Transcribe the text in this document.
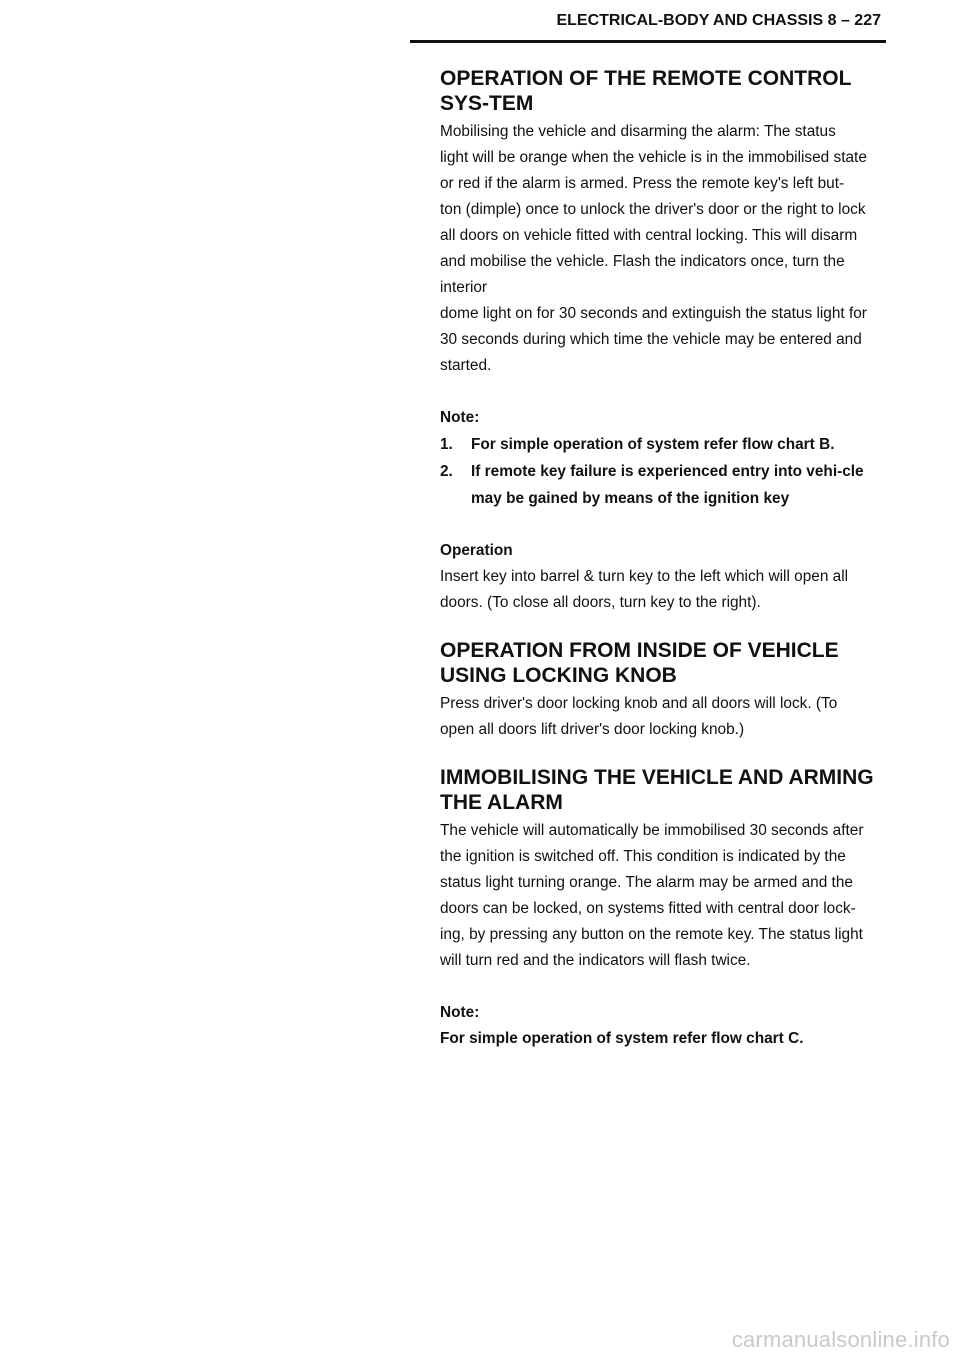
ELECTRICAL-BODY AND CHASSIS 8 – 227
OPERATION OF THE REMOTE CONTROL SYS-TEM

Mobilising the vehicle and disarming the alarm: The status

light will be orange when the vehicle is in the immobilised state

or red if the alarm is armed. Press the remote key's left but-

ton (dimple) once to unlock the driver's door or the right to lock

all doors on vehicle fitted with central locking. This will disarm

and mobilise the vehicle. Flash the indicators once, turn the

interior

dome light on for 30 seconds and extinguish the status light for

30 seconds during which time the vehicle may be entered and

started.

Note:
1. For simple operation of system refer flow chart B.
2. If remote key failure is experienced entry into vehi-cle may be gained by means of the ignition key
Operation

Insert key into barrel & turn key to the left which will open all

doors. (To close all doors, turn key to the right).

OPERATION FROM INSIDE OF VEHICLE USING LOCKING KNOB

Press driver's door locking knob and all doors will lock. (To

open all doors lift driver's door locking knob.)

IMMOBILISING THE VEHICLE AND ARMING THE ALARM

The vehicle will automatically be immobilised 30 seconds after

the ignition is switched off. This condition is indicated by the

status light turning orange. The alarm may be armed and the

doors can be locked, on systems fitted with central door lock-

ing, by pressing any button on the remote key. The status light

will turn red and the indicators will flash twice.

Note:

For simple operation of system refer flow chart C.

carmanualsonline.info
